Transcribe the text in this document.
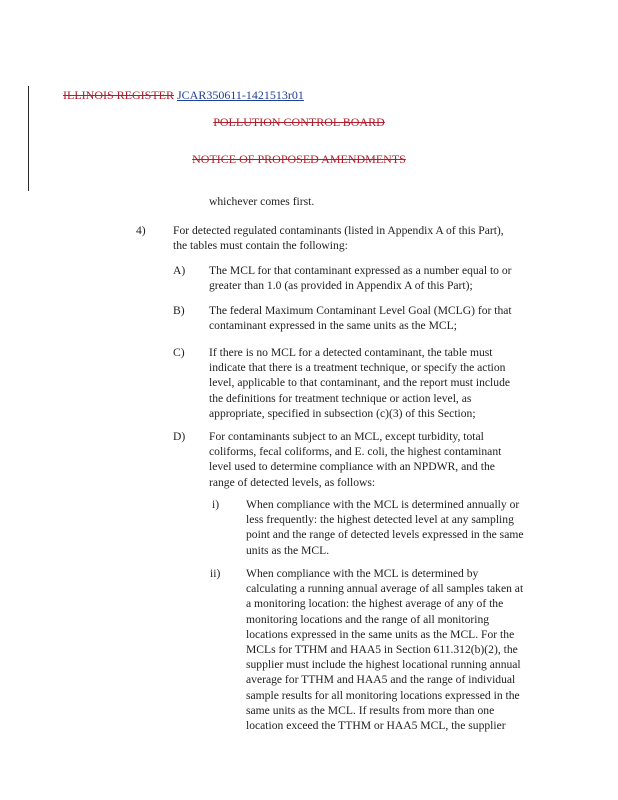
ILLINOIS REGISTER JCAR350611-1421513r01
POLLUTION CONTROL BOARD
NOTICE OF PROPOSED AMENDMENTS

whichever comes first.

4) For detected regulated contaminants (listed in Appendix A of this Part),
the tables must contain the following:

A) The MCL for that contaminant expressed as a number equal to or
greater than 1.0 (as provided in Appendix A of this Part);

B) The federal Maximum Contaminant Level Goal (MCLG) for that
contaminant expressed in the same units as the MCL;

C) If there is no MCL for a detected contaminant, the table must
indicate that there is a treatment technique, or specify the action
level, applicable to that contaminant, and the report must include
the definitions for treatment technique or action level, as
appropriate, specified in subsection (c)(3) of this Section;

D) For contaminants subject to an MCL, except turbidity, total
coliforms, fecal coliforms, and E. coli, the highest contaminant
level used to determine compliance with an NPDWR, and the
range of detected levels, as follows:

i) When compliance with the MCL is determined annually or
less frequently: the highest detected level at any sampling
point and the range of detected levels expressed in the same
units as the MCL.

ii) When compliance with the MCL is determined by
calculating a running annual average of all samples taken at
a monitoring location: the highest average of any of the
monitoring locations and the range of all monitoring
locations expressed in the same units as the MCL. For the
MCLs for TTHM and HAA5 in Section 611.312(b)(2), the
supplier must include the highest locational running annual
average for TTHM and HAA5 and the range of individual
sample results for all monitoring locations expressed in the
same units as the MCL. If results from more than one
location exceed the TTHM or HAA5 MCL, the supplier
